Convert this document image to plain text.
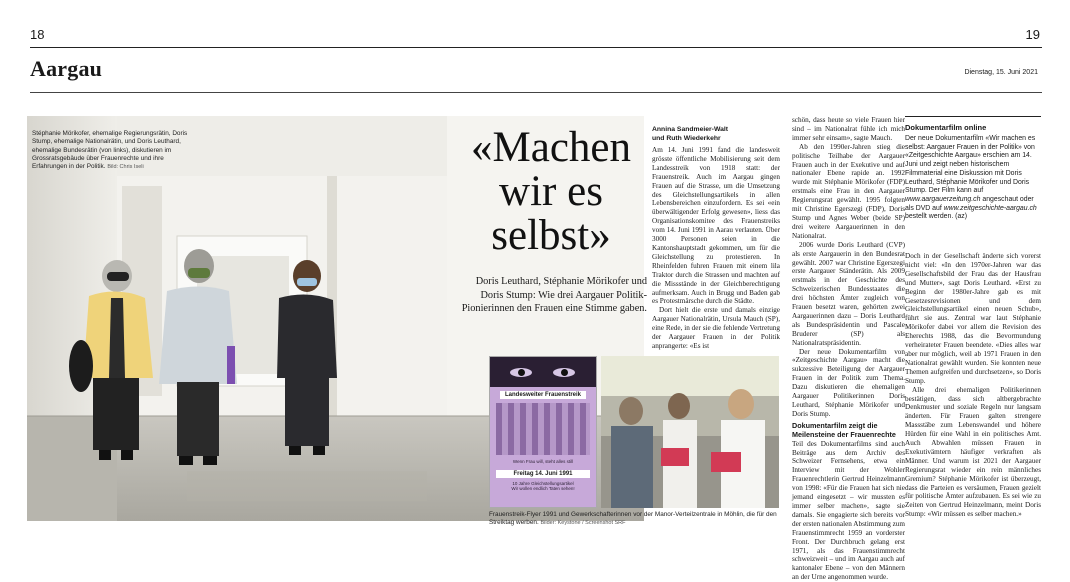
18	19
Aargau	Dienstag, 15. Juni 2021
Stéphanie Mörikofer, ehemalige Regierungsrätin, Doris Stump, ehemalige Nationalrätin, und Doris Leuthard, ehemalige Bundesrätin (von links), diskutieren im Grossratsgebäude über Frauenrechte und ihre Erfahrungen in der Politik. Bild: Chris Iseli	«Machen
wir es
selbst»
Doris Leuthard, Stéphanie Mörikofer und Doris Stump: Wie drei Aargauer Politik-Pionierinnen den Frauen eine Stimme gaben.
Landesweiter Frauenstreik
Wenn Frau will, steht alles still
Freitag 14. Juni 1991
10 Jahre Gleichstellungsartikel
Wir wollen endlich Taten sehen!
Frauenstreik-Flyer 1991 und Gewerkschafterinnen vor der Manor-Verteilzentrale in Möhlin, die für den Streiktag werben. Bilder: Keystone / Screenshot SRF
Annina Sandmeier-Walt
und Ruth Wiederkehr

Am 14. Juni 1991 fand die landesweit grösste öffentliche Mobilisierung seit dem Landesstreik von 1918 statt: der Frauenstreik. Auch im Aargau gingen Frauen auf die Strasse, um die Umsetzung des Gleichstellungsartikels in allen Lebensbereichen einzufordern. Es sei «ein überwältigender Erfolg gewesen», liess das Organisationskomitee des Frauenstreiks vom 14. Juni 1991 in Aarau verlauten. Über 3000 Personen seien in die Kantonshauptstadt gekommen, um für die Gleichstellung zu protestieren. In Rheinfelden fuhren Frauen mit einem lila Traktor durch die Strassen und machten auf die Missstände in der Gleichberechtigung aufmerksam. Auch in Brugg und Baden gab es Protestmärsche durch die Städte.

Dort hielt die erste und damals einzige Aargauer Nationalrätin, Ursula Mauch (SP), eine Rede, in der sie die fehlende Vertretung der Aargauer Frauen in der Politik anprangerte: «Es ist

schön, dass heute so viele Frauen hier sind – im Nationalrat fühle ich mich immer sehr einsam», sagte Mauch.

Ab den 1990er-Jahren stieg die politische Teilhabe der Aargauer Frauen auch in der Exekutive und auf nationaler Ebene rapide an. 1992 wurde mit Stéphanie Mörikofer (FDP) erstmals eine Frau in den Aargauer Regierungsrat gewählt. 1995 folgten mit Christine Egerszegi (FDP), Doris Stump und Agnes Weber (beide SP) drei weitere Aargauerinnen in den Nationalrat.

2006 wurde Doris Leuthard (CVP) als erste Aargauerin in den Bundesrat gewählt. 2007 war Christine Egerszegi erste Aargauer Ständerätin. Als 2009 erstmals in der Geschichte des Schweizerischen Bundesstaates die drei höchsten Ämter zugleich von Frauen besetzt waren, gehörten zwei Aargauerinnen dazu – Doris Leuthard als Bundespräsidentin und Pascale Bruderer (SP) als Nationalratspräsidentin.

Der neue Dokumentarfilm von «Zeitgeschichte Aargau» macht die sukzessive Beteiligung der Aargauer Frauen in der Politik zum Thema. Dazu diskutieren die ehemaligen Aargauer Politikerinnen Doris Leuthard, Stéphanie Mörikofer und Doris Stump.

Dokumentarfilm zeigt die
Meilensteine der Frauenrechte

Teil des Dokumentarfilms sind auch Beiträge aus dem Archiv des Schweizer Fernsehens, etwa ein Interview mit der Wohler Frauenrechtlerin Gertrud Heinzelmann von 1998: «Für die Frauen hat sich nie jemand eingesetzt – wir mussten es immer selber machen», sagte sie damals. Sie engagierte sich bereits vor der ersten nationalen Abstimmung zum Frauenstimmrecht 1959 an vorderster Front. Der Durchbruch gelang erst 1971, als das Frauenstimmrecht schweizweit – und im Aargau auch auf kantonaler Ebene – von den Männern an der Urne angenommen wurde.

Dokumentarfilm online

Der neue Dokumentarfilm «Wir machen es selbst: Aargauer Frauen in der Politik» von «Zeitgeschichte Aargau» erschien am 14. Juni und zeigt neben historischem Filmmaterial eine Diskussion mit Doris Leuthard, Stéphanie Mörikofer und Doris Stump. Der Film kann auf www.aargauerzeitung.ch angeschaut oder als DVD auf www.zeitgeschichte-aargau.ch bestellt werden. (az)

Doch in der Gesellschaft änderte sich vorerst nicht viel: «In den 1970er-Jahren war das Gesellschaftsbild der Frau das der Hausfrau und Mutter», sagt Doris Leuthard. «Erst zu Beginn der 1980er-Jahre gab es mit Gesetzesrevisionen und dem Gleichstellungsartikel einen neuen Schub», führt sie aus. Zentral war laut Stéphanie Mörikofer dabei vor allem die Revision des Eherechts 1988, das die Bevormundung verheirateter Frauen beendete. «Dies alles war aber nur möglich, weil ab 1971 Frauen in den Nationalrat gewählt wurden. Sie konnten neue Themen aufgreifen und durchsetzen», so Doris Stump.

Alle drei ehemaligen Politikerinnen bestätigen, dass sich altbergebrachte Denkmuster und soziale Regeln nur langsam änderten. Für Frauen galten strengere Massstäbe zum Lebenswandel und höhere Hürden für eine Wahl in ein politisches Amt. Auch Abwahlen müssen Frauen in Exekutivämtern häufiger verkraften als Männer. Und warum ist 2021 der Aargauer Regierungsrat wieder ein rein männliches Gremium? Stéphanie Mörikofer ist überzeugt, dass die Parteien es versäumen, Frauen gezielt für politische Ämter aufzubauen. Es sei wie zu Zeiten von Gertrud Heinzelmann, meint Doris Stump: «Wir müssen es selber machen.»
